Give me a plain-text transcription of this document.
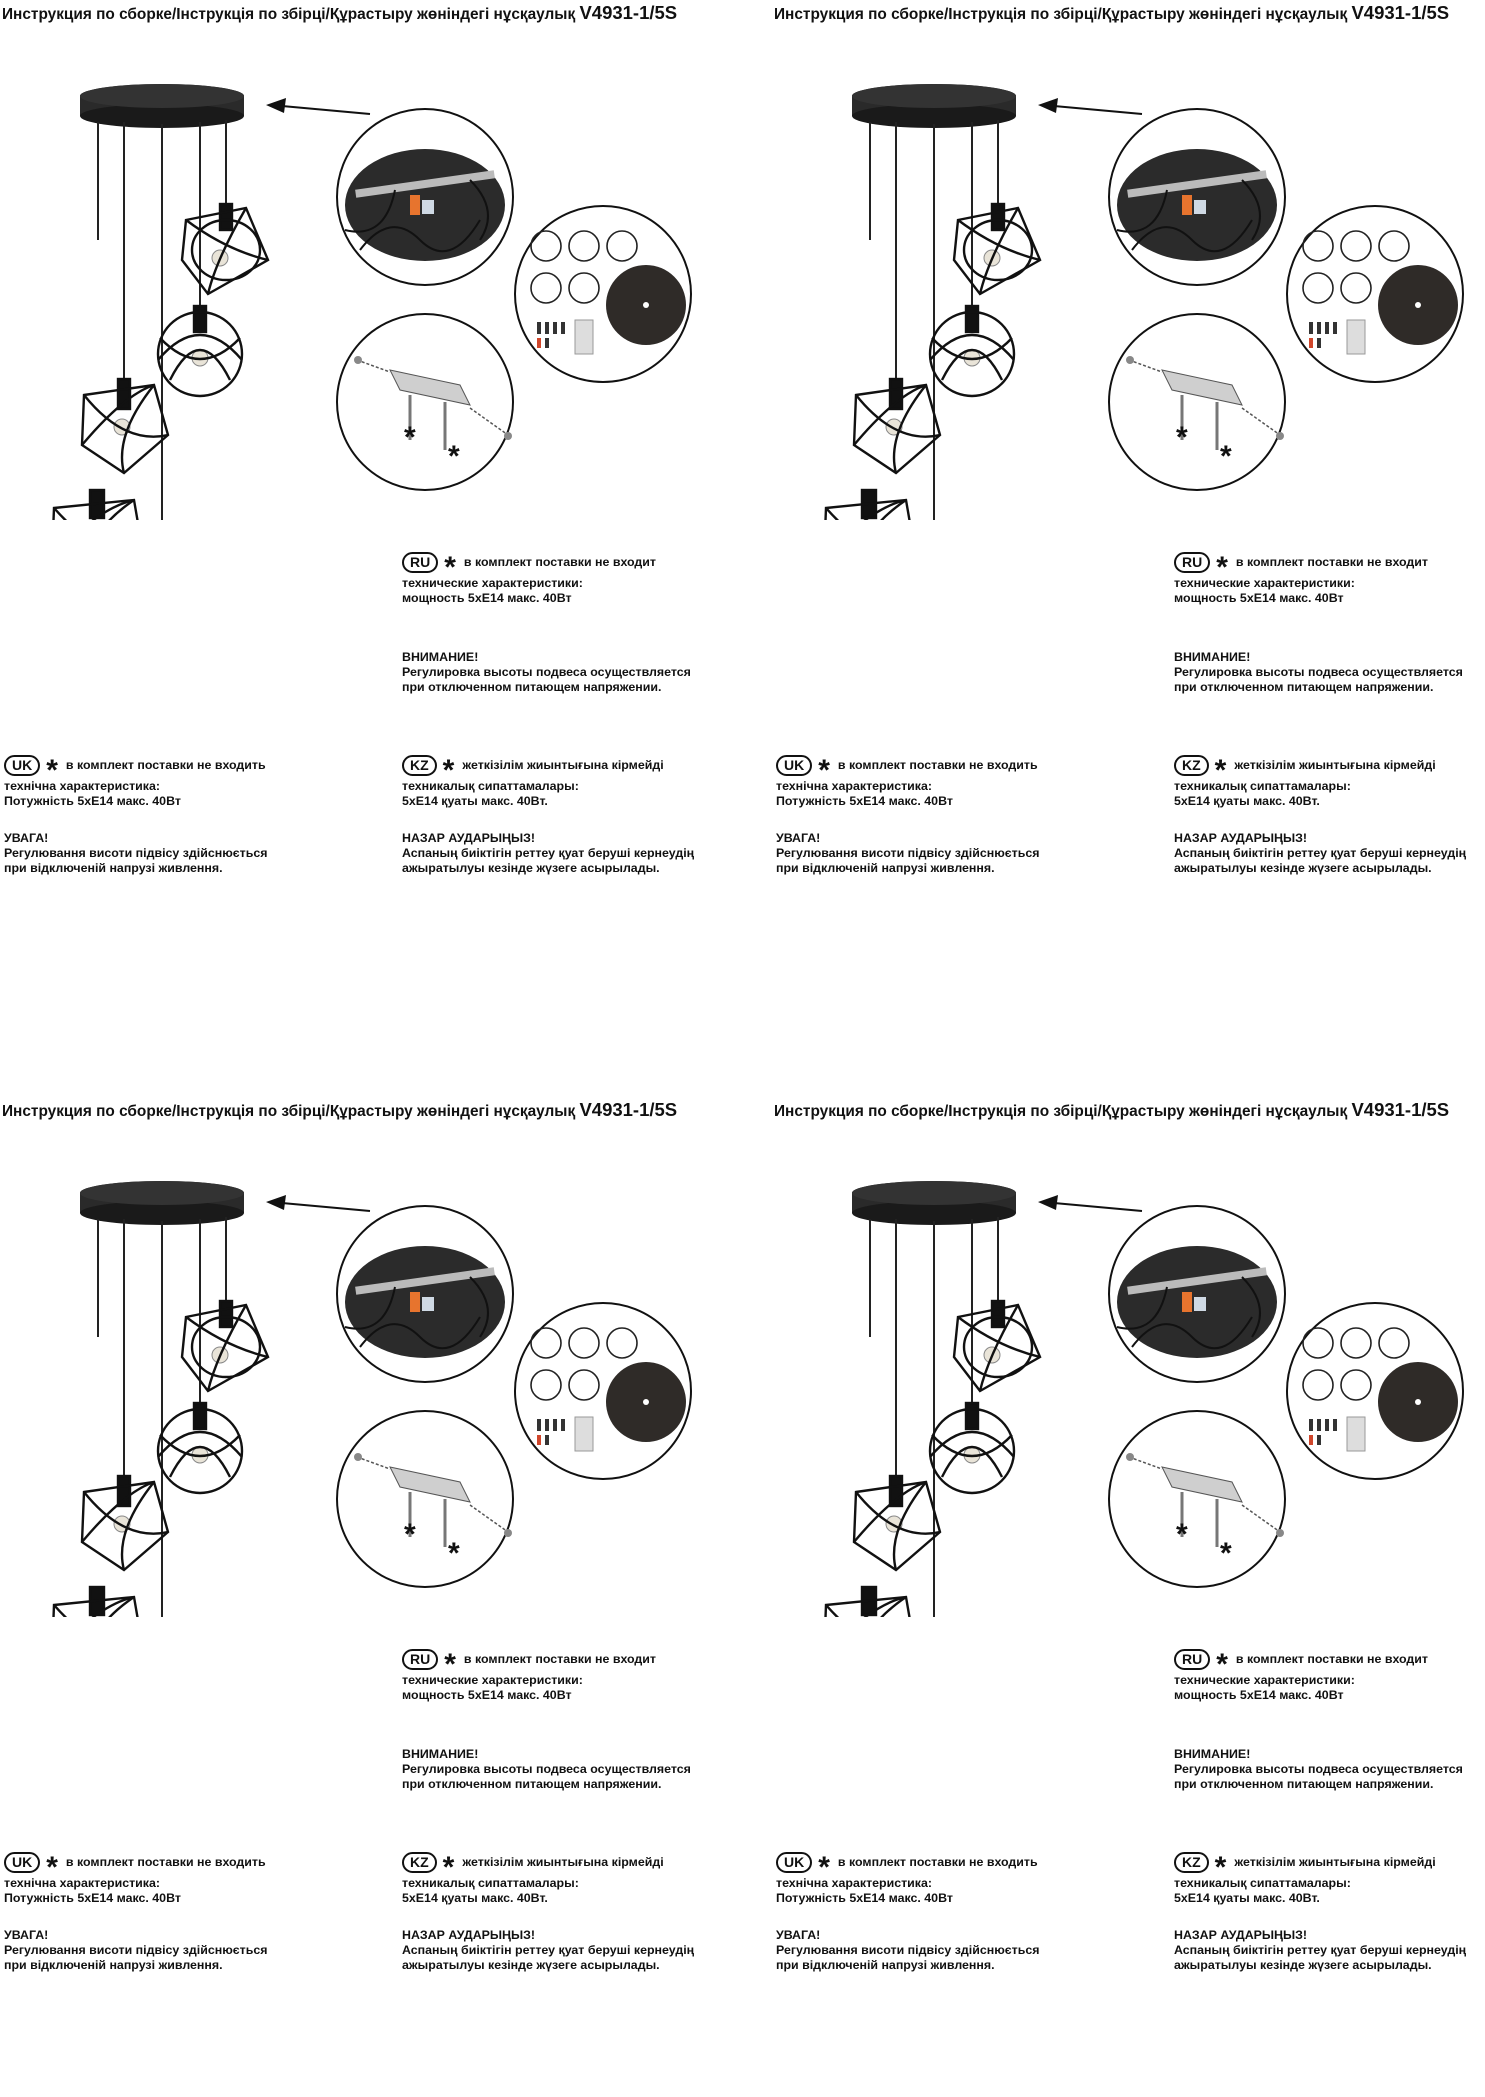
Инструкция по сборке/Інструкція по збірці/Құрастыру жөніндегі нұсқаулық V4931-1/5S
*
*
RU * в комплект поставки не входит
технические характеристики:
мощность 5хЕ14 макс. 40Вт
ВНИМАНИЕ!
Регулировка высоты подвеса осуществляется
при отключенном питающем напряжении.
UK * в комплект поставки не входить
технічна характеристика:
Потужність 5хЕ14 макс. 40Вт
УВАГА!
Регулювання висоти підвісу здійснюється
при відключеній напрузі живлення.
KZ * жеткізілім жиынтығына кірмейді
техникалық сипаттамалары:
5хЕ14 қуаты макс. 40Вт.
НАЗАР АУДАРЫҢЫЗ!
Аспаның биіктігін реттеу қуат беруші кернеудің
ажыратылуы кезінде жүзеге асырылады.
Инструкция по сборке/Інструкція по збірці/Құрастыру жөніндегі нұсқаулық V4931-1/5S
*
*
RU * в комплект поставки не входит
технические характеристики:
мощность 5хЕ14 макс. 40Вт
ВНИМАНИЕ!
Регулировка высоты подвеса осуществляется
при отключенном питающем напряжении.
UK * в комплект поставки не входить
технічна характеристика:
Потужність 5хЕ14 макс. 40Вт
УВАГА!
Регулювання висоти підвісу здійснюється
при відключеній напрузі живлення.
KZ * жеткізілім жиынтығына кірмейді
техникалық сипаттамалары:
5хЕ14 қуаты макс. 40Вт.
НАЗАР АУДАРЫҢЫЗ!
Аспаның биіктігін реттеу қуат беруші кернеудің
ажыратылуы кезінде жүзеге асырылады.
Инструкция по сборке/Інструкція по збірці/Құрастыру жөніндегі нұсқаулық V4931-1/5S
*
*
RU * в комплект поставки не входит
технические характеристики:
мощность 5хЕ14 макс. 40Вт
ВНИМАНИЕ!
Регулировка высоты подвеса осуществляется
при отключенном питающем напряжении.
UK * в комплект поставки не входить
технічна характеристика:
Потужність 5хЕ14 макс. 40Вт
УВАГА!
Регулювання висоти підвісу здійснюється
при відключеній напрузі живлення.
KZ * жеткізілім жиынтығына кірмейді
техникалық сипаттамалары:
5хЕ14 қуаты макс. 40Вт.
НАЗАР АУДАРЫҢЫЗ!
Аспаның биіктігін реттеу қуат беруші кернеудің
ажыратылуы кезінде жүзеге асырылады.
Инструкция по сборке/Інструкція по збірці/Құрастыру жөніндегі нұсқаулық V4931-1/5S
*
*
RU * в комплект поставки не входит
технические характеристики:
мощность 5хЕ14 макс. 40Вт
ВНИМАНИЕ!
Регулировка высоты подвеса осуществляется
при отключенном питающем напряжении.
UK * в комплект поставки не входить
технічна характеристика:
Потужність 5хЕ14 макс. 40Вт
УВАГА!
Регулювання висоти підвісу здійснюється
при відключеній напрузі живлення.
KZ * жеткізілім жиынтығына кірмейді
техникалық сипаттамалары:
5хЕ14 қуаты макс. 40Вт.
НАЗАР АУДАРЫҢЫЗ!
Аспаның биіктігін реттеу қуат беруші кернеудің
ажыратылуы кезінде жүзеге асырылады.
